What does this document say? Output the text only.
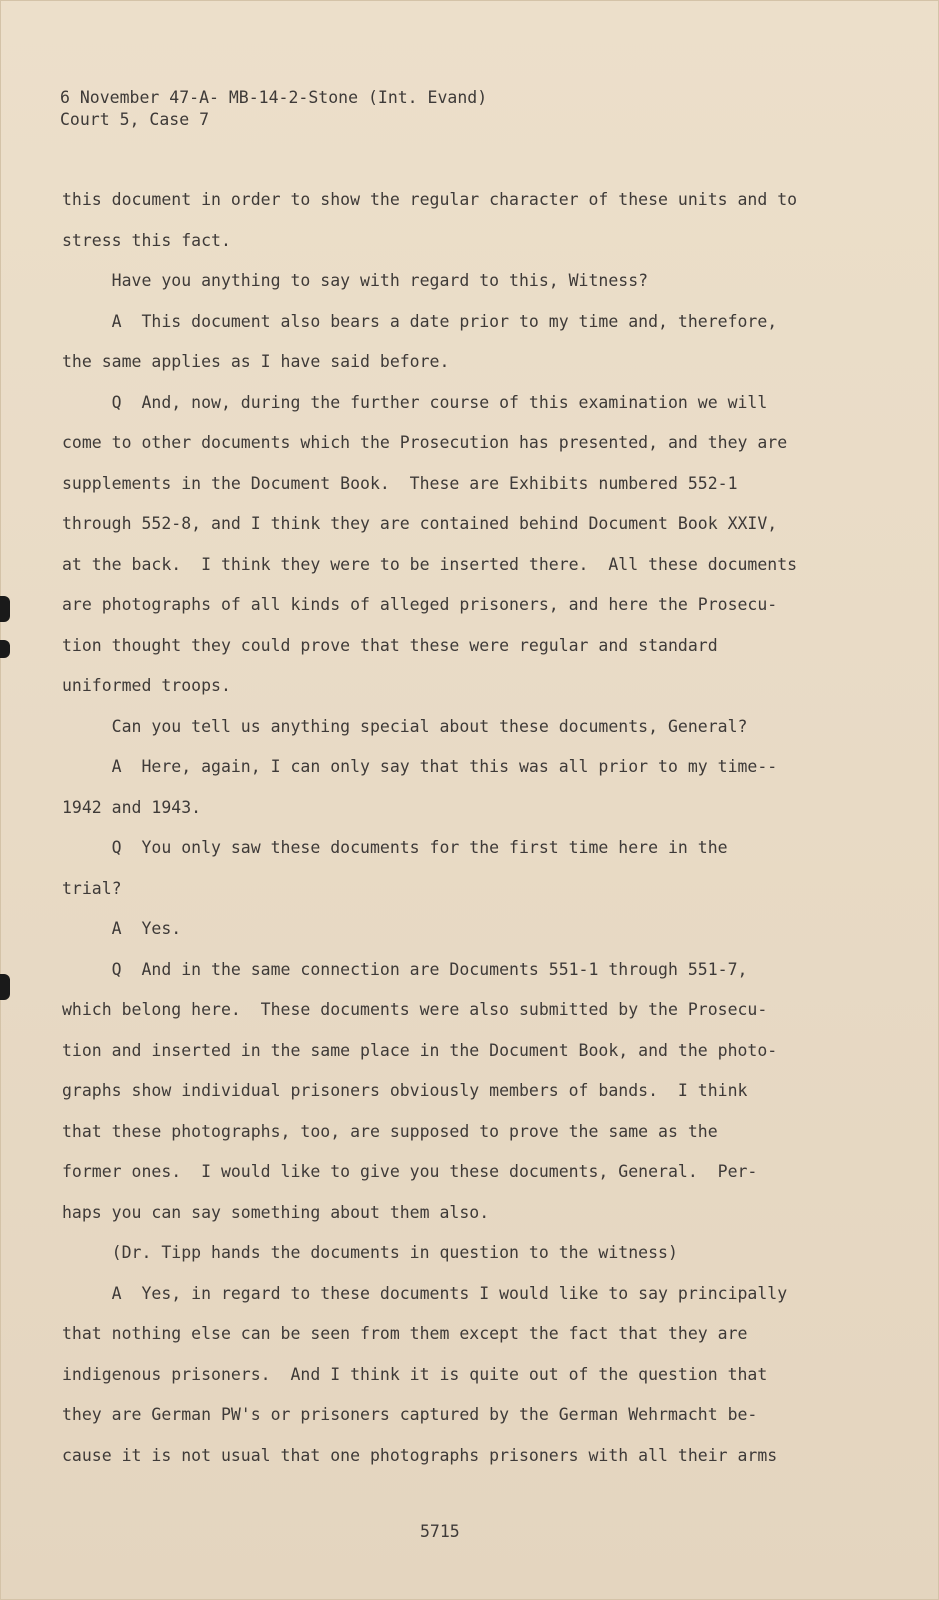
6 November 47-A- MB-14-2-Stone (Int. Evand)
Court 5, Case 7
this document in order to show the regular character of these units and to
stress this fact.
Have you anything to say with regard to this, Witness?
A  This document also bears a date prior to my time and, therefore,
the same applies as I have said before.
Q  And, now, during the further course of this examination we will
come to other documents which the Prosecution has presented, and they are
supplements in the Document Book.  These are Exhibits numbered 552-1
through 552-8, and I think they are contained behind Document Book XXIV,
at the back.  I think they were to be inserted there.  All these documents
are photographs of all kinds of alleged prisoners, and here the Prosecu-
tion thought they could prove that these were regular and standard
uniformed troops.
Can you tell us anything special about these documents, General?
A  Here, again, I can only say that this was all prior to my time--
1942 and 1943.
Q  You only saw these documents for the first time here in the
trial?
A  Yes.
Q  And in the same connection are Documents 551-1 through 551-7,
which belong here.  These documents were also submitted by the Prosecu-
tion and inserted in the same place in the Document Book, and the photo-
graphs show individual prisoners obviously members of bands.  I think
that these photographs, too, are supposed to prove the same as the
former ones.  I would like to give you these documents, General.  Per-
haps you can say something about them also.
(Dr. Tipp hands the documents in question to the witness)
A  Yes, in regard to these documents I would like to say principally
that nothing else can be seen from them except the fact that they are
indigenous prisoners.  And I think it is quite out of the question that
they are German PW's or prisoners captured by the German Wehrmacht be-
cause it is not usual that one photographs prisoners with all their arms
5715
